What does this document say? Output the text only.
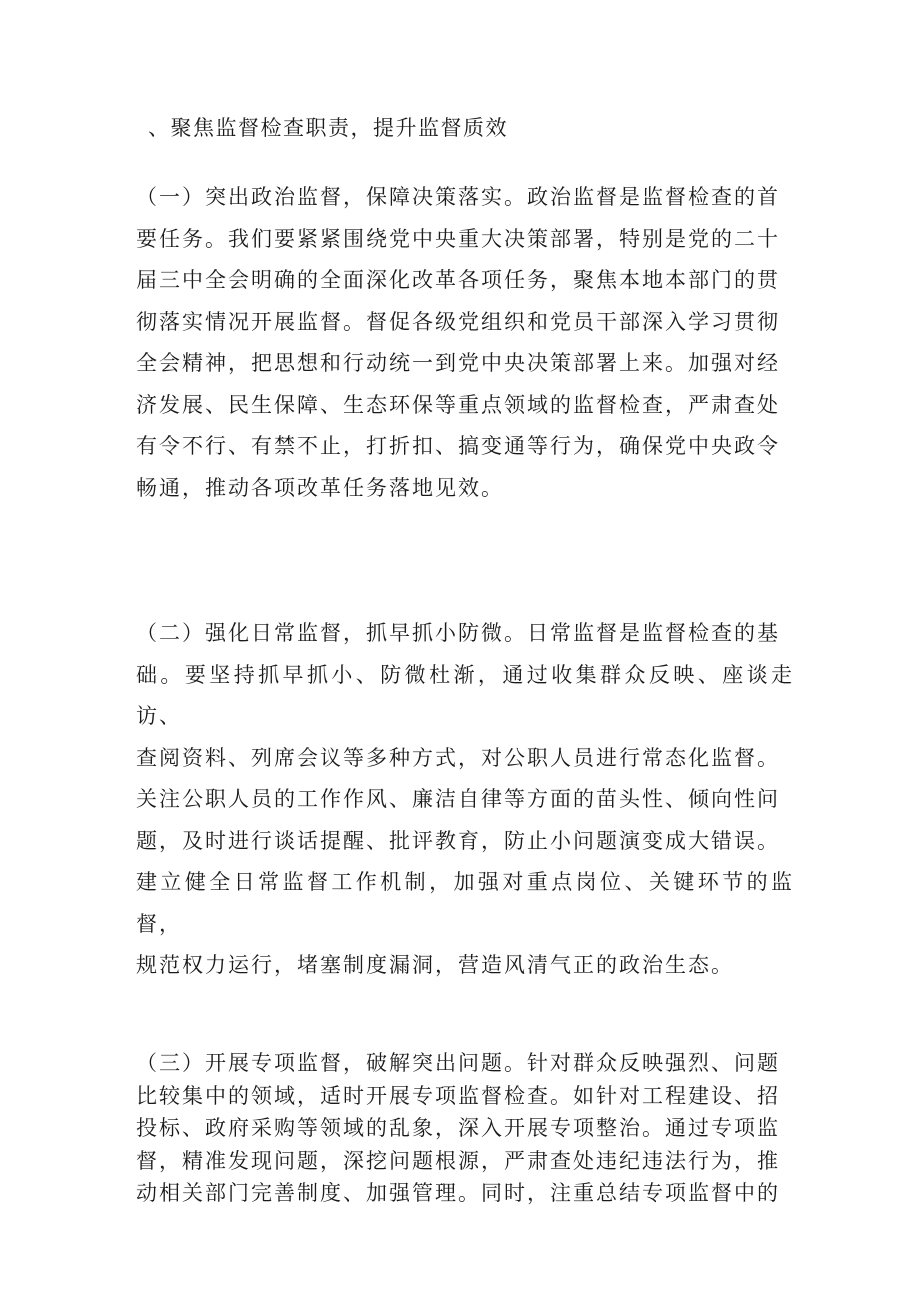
、聚焦监督检查职责，提升监督质效

（一）突出政治监督，保障决策落实。政治监督是监督检查的首
要任务。我们要紧紧围绕党中央重大决策部署，特别是党的二十
届三中全会明确的全面深化改革各项任务，聚焦本地本部门的贯
彻落实情况开展监督。督促各级党组织和党员干部深入学习贯彻
全会精神，把思想和行动统一到党中央决策部署上来。加强对经
济发展、民生保障、生态环保等重点领域的监督检查，严肃查处
有令不行、有禁不止，打折扣、搞变通等行为，确保党中央政令
畅通，推动各项改革任务落地见效。

（二）强化日常监督，抓早抓小防微。日常监督是监督检查的基
础。要坚持抓早抓小、防微杜渐，通过收集群众反映、座谈走访、
查阅资料、列席会议等多种方式，对公职人员进行常态化监督。
关注公职人员的工作作风、廉洁自律等方面的苗头性、倾向性问
题，及时进行谈话提醒、批评教育，防止小问题演变成大错误。
建立健全日常监督工作机制，加强对重点岗位、关键环节的监督，
规范权力运行，堵塞制度漏洞，营造风清气正的政治生态。

（三）开展专项监督，破解突出问题。针对群众反映强烈、问题
比较集中的领域，适时开展专项监督检查。如针对工程建设、招
投标、政府采购等领域的乱象，深入开展专项整治。通过专项监
督，精准发现问题，深挖问题根源，严肃查处违纪违法行为，推
动相关部门完善制度、加强管理。同时，注重总结专项监督中的
